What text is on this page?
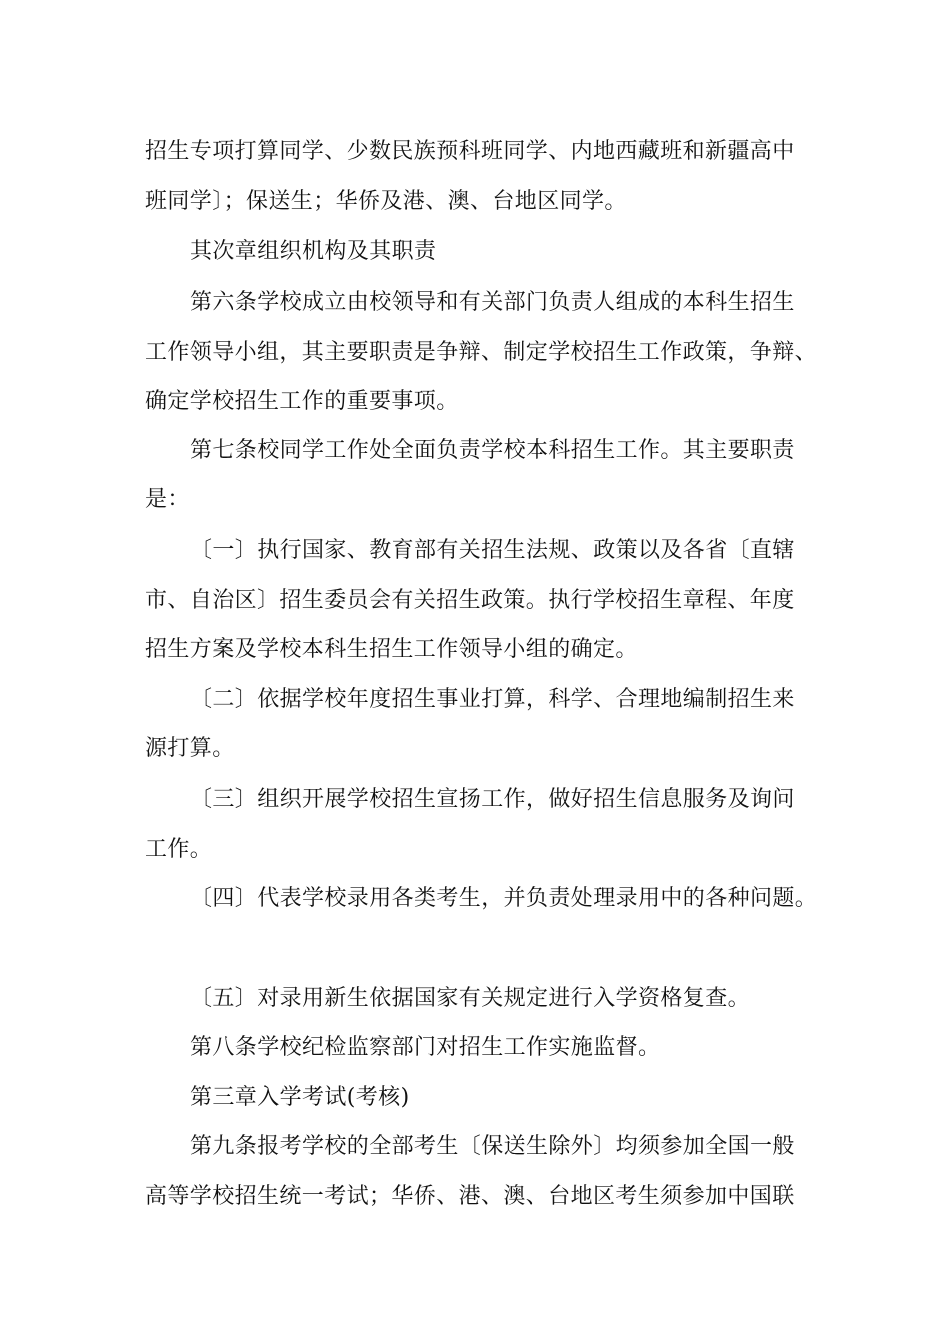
招生专项打算同学、少数民族预科班同学、内地西藏班和新疆高中
班同学〕；保送生；华侨及港、澳、台地区同学。
其次章组织机构及其职责
第六条学校成立由校领导和有关部门负责人组成的本科生招生
工作领导小组，其主要职责是争辩、制定学校招生工作政策，争辩、
确定学校招生工作的重要事项。
第七条校同学工作处全面负责学校本科招生工作。其主要职责
是：
〔一〕执行国家、教育部有关招生法规、政策以及各省〔直辖
市、自治区〕招生委员会有关招生政策。执行学校招生章程、年度
招生方案及学校本科生招生工作领导小组的确定。
〔二〕依据学校年度招生事业打算，科学、合理地编制招生来
源打算。
〔三〕组织开展学校招生宣扬工作，做好招生信息服务及询问
工作。
〔四〕代表学校录用各类考生，并负责处理录用中的各种问题。
〔五〕对录用新生依据国家有关规定进行入学资格复查。
第八条学校纪检监察部门对招生工作实施监督。
第三章入学考试(考核)
第九条报考学校的全部考生〔保送生除外〕均须参加全国一般
高等学校招生统一考试；华侨、港、澳、台地区考生须参加中国联
